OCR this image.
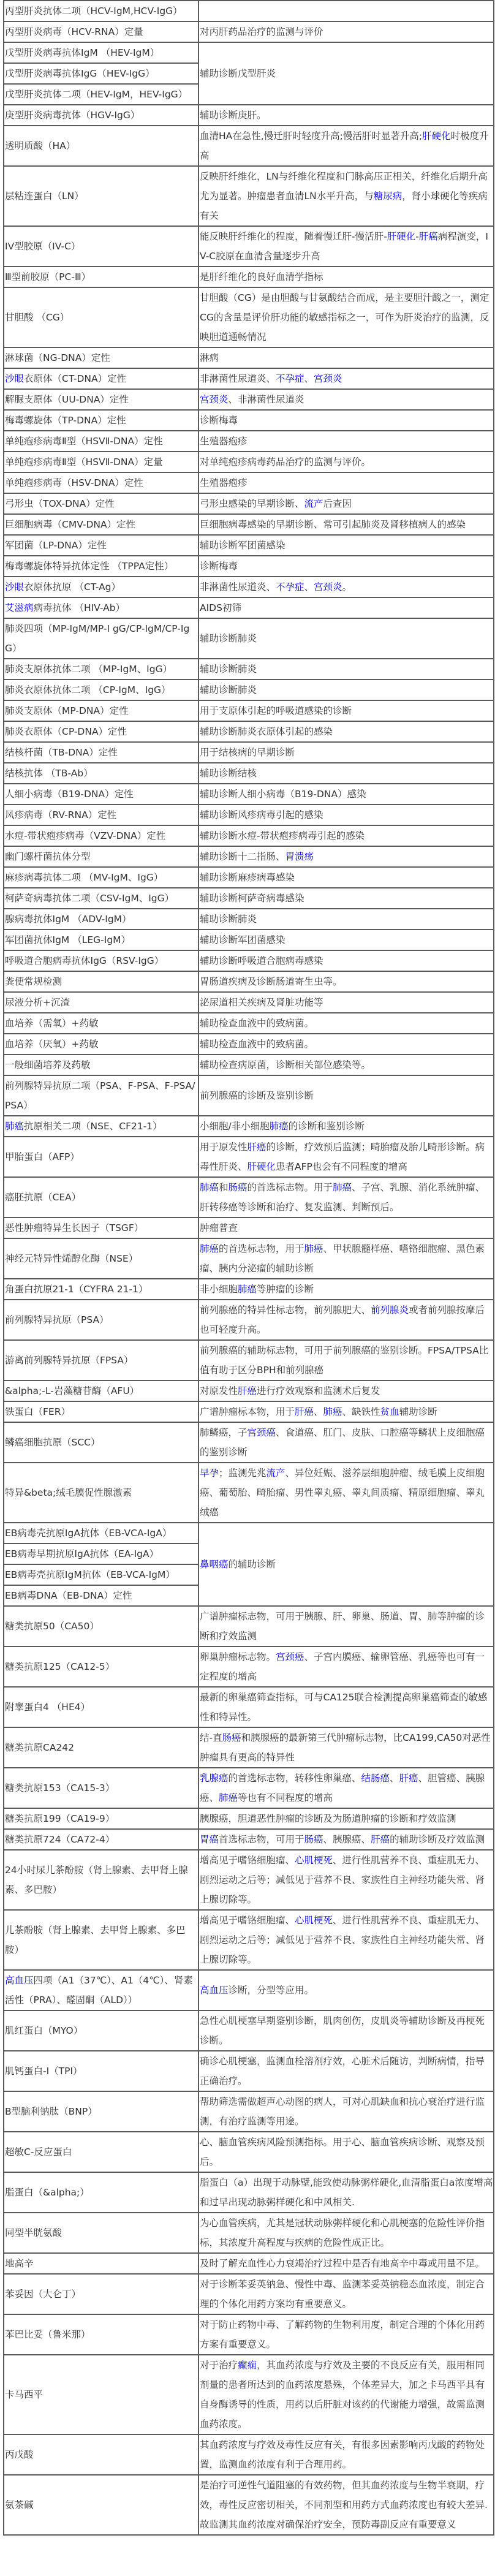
丙型肝炎抗体二项（HCV-IgM,HCV-IgG）	
丙型肝炎病毒（HCV-RNA）定量	对丙肝药品治疗的监测与评价
戊型肝炎病毒抗体IgM （HEV-IgM）	辅助诊断戊型肝炎
戊型肝炎病毒抗体IgG（HEV-IgG）	
戊型肝炎抗体二项（HEV-IgM，HEV-IgG）	
庚型肝炎病毒抗体（HGV-IgG）	辅助诊断庚肝。
透明质酸（HA）	血清HA在急性,慢迁肝时轻度升高;慢活肝时显著升高;肝硬化时极度升高
层粘连蛋白（LN）	反映肝纤维化，LN与纤维化程度和门脉高压正相关，纤维化后期升高尤为显著。肿瘤患者血清LN水平升高，与糖尿病，肾小球硬化等疾病有关
IV型胶原（IV-C）	能反映肝纤维化的程度，随着慢迁肝-慢活肝-肝硬化-肝癌病程演变，IV-C胶原在血清含量逐步升高
Ⅲ型前胶原（PC-Ⅲ）	是肝纤维化的良好血清学指标
甘胆酸 （CG）	甘胆酸（CG）是由胆酸与甘氨酸结合而成，是主要胆汁酸之一，测定CG的含量是评价肝功能的敏感指标之一，可作为肝炎治疗的监测，反映胆道通畅情况
淋球菌（NG-DNA）定性	淋病
沙眼衣原体（CT-DNA）定性	非淋菌性尿道炎、不孕症、宫颈炎
解脲支原体（UU-DNA）定性	宫颈炎、非淋菌性尿道炎
梅毒螺旋体（TP-DNA）定性	诊断梅毒
单纯疱疹病毒Ⅱ型（HSVⅡ-DNA）定性	生殖器疱疹
单纯疱疹病毒Ⅱ型（HSVⅡ-DNA）定量	对单纯疱疹病毒药品治疗的监测与评价。
单纯疱疹病毒（HSV-DNA）定性	生殖器疱疹
弓形虫（TOX-DNA）定性	弓形虫感染的早期诊断、流产后查因
巨细胞病毒（CMV-DNA）定性	巨细胞病毒感染的早期诊断、常可引起肺炎及肾移植病人的感染
军团菌（LP-DNA）定性	辅助诊断军团菌感染
梅毒螺旋体特异抗体定性 （TPPA定性）	诊断梅毒
沙眼衣原体抗原 （CT-Ag）	非淋菌性尿道炎、不孕症、宫颈炎。
艾滋病病毒抗体 （HIV-Ab）	AIDS初筛
肺炎四项（MP-IgM/MP-I gG/CP-IgM/CP-IgG）	辅助诊断肺炎
肺炎支原体抗体二项 （MP-IgM、IgG）	辅助诊断肺炎
肺炎衣原体抗体二项 （CP-IgM、IgG）	辅助诊断肺炎
肺炎支原体（MP-DNA）定性	用于支原体引起的呼吸道感染的诊断
肺炎衣原体（CP-DNA）定性	辅助诊断肺炎衣原体引起的感染
结核杆菌（TB-DNA）定性	用于结核病的早期诊断
结核抗体 （TB-Ab）	辅助诊断结核
人细小病毒（B19-DNA）定性	辅助诊断人细小病毒（B19-DNA）感染
风疹病毒（RV-RNA）定性	辅助诊断风疹病毒引起的感染
水痘-带状疱疹病毒（VZV-DNA）定性	辅助诊断水痘-带状疱疹病毒引起的感染
幽门螺杆菌抗体分型	辅助诊断十二指肠、胃溃疡
麻疹病毒抗体二项 （MV-IgM、IgG）	辅助诊断麻疹病毒感染
柯萨奇病毒抗体二项（CSV-IgM、IgG）	辅助诊断柯萨奇病毒感染
腺病毒抗体IgM （ADV-IgM）	辅助诊断肺炎
军团菌抗体IgM （LEG-IgM）	辅助诊断军团菌感染
呼吸道合胞病毒抗体IgG（RSV-IgG）	辅助诊断呼吸道合胞病毒感染
粪便常规检测	胃肠道疾病及诊断肠道寄生虫等。
尿液分析+沉渣	泌尿道相关疾病及肾脏功能等
血培养（需氧）+药敏	辅助检查血液中的致病菌。
血培养（厌氧）+药敏	辅助检查血液中的致病菌。
一般细菌培养及药敏	辅助检查病原菌，诊断相关部位感染等。
前列腺特异抗原二项（PSA、F-PSA、F-PSA/PSA）	前列腺癌的诊断及鉴别诊断
肺癌抗原相关二项（NSE、CF21-1）	小细胞/非小细胞肺癌的诊断和鉴别诊断
甲胎蛋白（AFP）	用于原发性肝癌的诊断，疗效预后监测；畸胎瘤及胎儿畸形诊断。病毒性肝炎、肝硬化患者AFP也会有不同程度的增高
癌胚抗原（CEA）	肺癌和肠癌的首选标志物。用于肺癌、子宫、乳腺、消化系统肿瘤、肝转移癌等诊断和治疗、复发监测、判断预后。
恶性肿瘤特异生长因子（TSGF）	肿瘤普查
神经元特异性烯醇化酶（NSE）	肺癌的首选标志物，用于肺癌、甲状腺髓样癌、嗜铬细胞瘤、黑色素瘤、胰内分泌瘤的辅助诊断
角蛋白抗原21-1（CYFRA 21-1）	非小细胞肺癌等肿瘤的诊断
前列腺特异抗原（PSA）	前列腺癌的特异性标志物，前列腺肥大、前列腺炎或者前列腺按摩后也可轻度升高。
游离前列腺特异抗原（FPSA）	前列腺癌的辅助标志物，可用于前列腺癌的鉴别诊断。FPSA/TPSA比值有助于区分BPH和前列腺癌
&alpha;-L-岩藻糖苷酶（AFU）	对原发性肝癌进行疗效观察和监测术后复发
铁蛋白（FER）	广谱肿瘤标本物，用于肝癌、肺癌、缺铁性贫血辅助诊断
鳞癌细胞抗原（SCC）	肺鳞癌，子宫颈癌、食道癌、肛门、皮肤、口腔癌等鳞状上皮细胞癌的鉴别诊断
特异&beta;绒毛膜促性腺激素	早孕；监测先兆流产、异位妊娠、滋养层细胞肿瘤、绒毛膜上皮细胞癌、葡萄胎、畸胎瘤、男性睾丸癌、睾丸间质瘤、精原细胞瘤、睾丸绒癌
EB病毒壳抗原IgA抗体（EB-VCA-IgA）	鼻咽癌的辅助诊断
EB病毒早期抗原IgA抗体（EA-IgA）	
EB病毒壳抗原IgM抗体（EB-VCA-IgM）	
EB病毒DNA（EB-DNA）定性	
糖类抗原50（CA50）	广谱肿瘤标志物，可用于胰腺、肝、卵巢、肠道、胃、肺等肿瘤的诊断和疗效监测
糖类抗原125（CA12-5）	卵巢肿瘤标志物。宫颈癌、子宫内膜癌、输卵管癌、乳癌等也可有一定程度的增高
附睾蛋白4 （HE4）	最新的卵巢癌筛查指标，可与CA125联合检测提高卵巢癌筛查的敏感性和特异性。
糖类抗原CA242	结-直肠癌和胰腺癌的最新第三代肿瘤标志物，比CA199,CA50对恶性肿瘤具有更高的特异性
糖类抗原153（CA15-3）	乳腺癌的首选标志物，转移性卵巢癌、结肠癌、肝癌、胆管癌、胰腺癌、肺癌等也有不同程度的增高
糖类抗原199（CA19-9）	胰腺癌，胆道恶性肿瘤的诊断及为肠道肿瘤的诊断和疗效监测
糖类抗原724（CA72-4）	胃癌首选标志物，可用于肠癌、胰腺癌、肝癌的辅助诊断及疗效监测
24小时尿儿茶酚胺（肾上腺素、去甲肾上腺素、多巴胺）	增高见于嗜铬细胞瘤、心肌梗死、进行性肌营养不良、重症肌无力、剧烈运动之后等；减低见于营养不良、家族性自主神经功能失常、肾上腺切除等。
儿茶酚胺（肾上腺素、去甲肾上腺素、多巴胺）	增高见于嗜铬细胞瘤、心肌梗死、进行性肌营养不良、重症肌无力、剧烈运动之后等；减低见于营养不良、家族性自主神经功能失常、肾上腺切除等。
高血压四项（A1（37℃）、A1（4℃）、肾素活性（PRA）、醛固酮（ALD））	高血压诊断，分型等应用。
肌红蛋白（MYO）	急性心肌梗塞早期鉴别诊断，肌肉创伤，皮肌炎等辅助诊断及再梗死诊断。
肌钙蛋白-Ⅰ（TPI）	确诊心肌梗塞，监测血栓溶剂疗效，心脏术后随访，判断病情，指导正确治疗。
B型脑利钠肽（BNP）	帮助筛选需做超声心动图的病人，可对心肌缺血和抗心衰治疗进行监测，有治疗监测等用途。
超敏C-反应蛋白	心、脑血管疾病风险预测指标。用于心、脑血管疾病诊断、观察及预后。
脂蛋白（&alpha;）	脂蛋白（a）出现于动脉壁,能致使动脉粥样硬化,血清脂蛋白a浓度增高和过早出现动脉粥样硬化和中风相关.
同型半胱氨酸	为心血管疾病，尤其是冠状动脉粥样硬化和心肌梗塞的危险性评价指标，其浓度升高程度与疾病的危险性成正比。
地高辛	及时了解充血性心力衰竭治疗过程中是否有地高辛中毒或用量不足。
苯妥因（大仑丁）	对于诊断苯妥英钠急、慢性中毒、监测苯妥英钠稳态血浓度，制定合理的个体化用药方案均有重要意义。
苯巴比妥（鲁米那）	对于防止药物中毒、了解药物的生物利用度，制定合理的个体化用药方案有重要意义。
卡马西平	对于治疗癫痫，其血药浓度与疗效及主要的不良反应有关，服用相同剂量的患者所达到的血药浓度悬殊，个体差异大，加之卡马西平具有自身酶诱导的性质，用药以后肝脏对该药的代谢能力增强，故需监测血药浓度。
丙戊酸	其血药浓度与疗效及毒性反应有关，有很多因素影响丙戊酸的药物处置，监测血药浓度有利于合理用药。
氨茶碱	是治疗可逆性气道阻塞的有效药物，但其血药浓度与生物半衰期，疗效，毒性反应密切相关，不同剂型和用药方式血药浓度也有较大差异.故监测其血药浓度对确保治疗安全，预防毒副反应有重要意义
